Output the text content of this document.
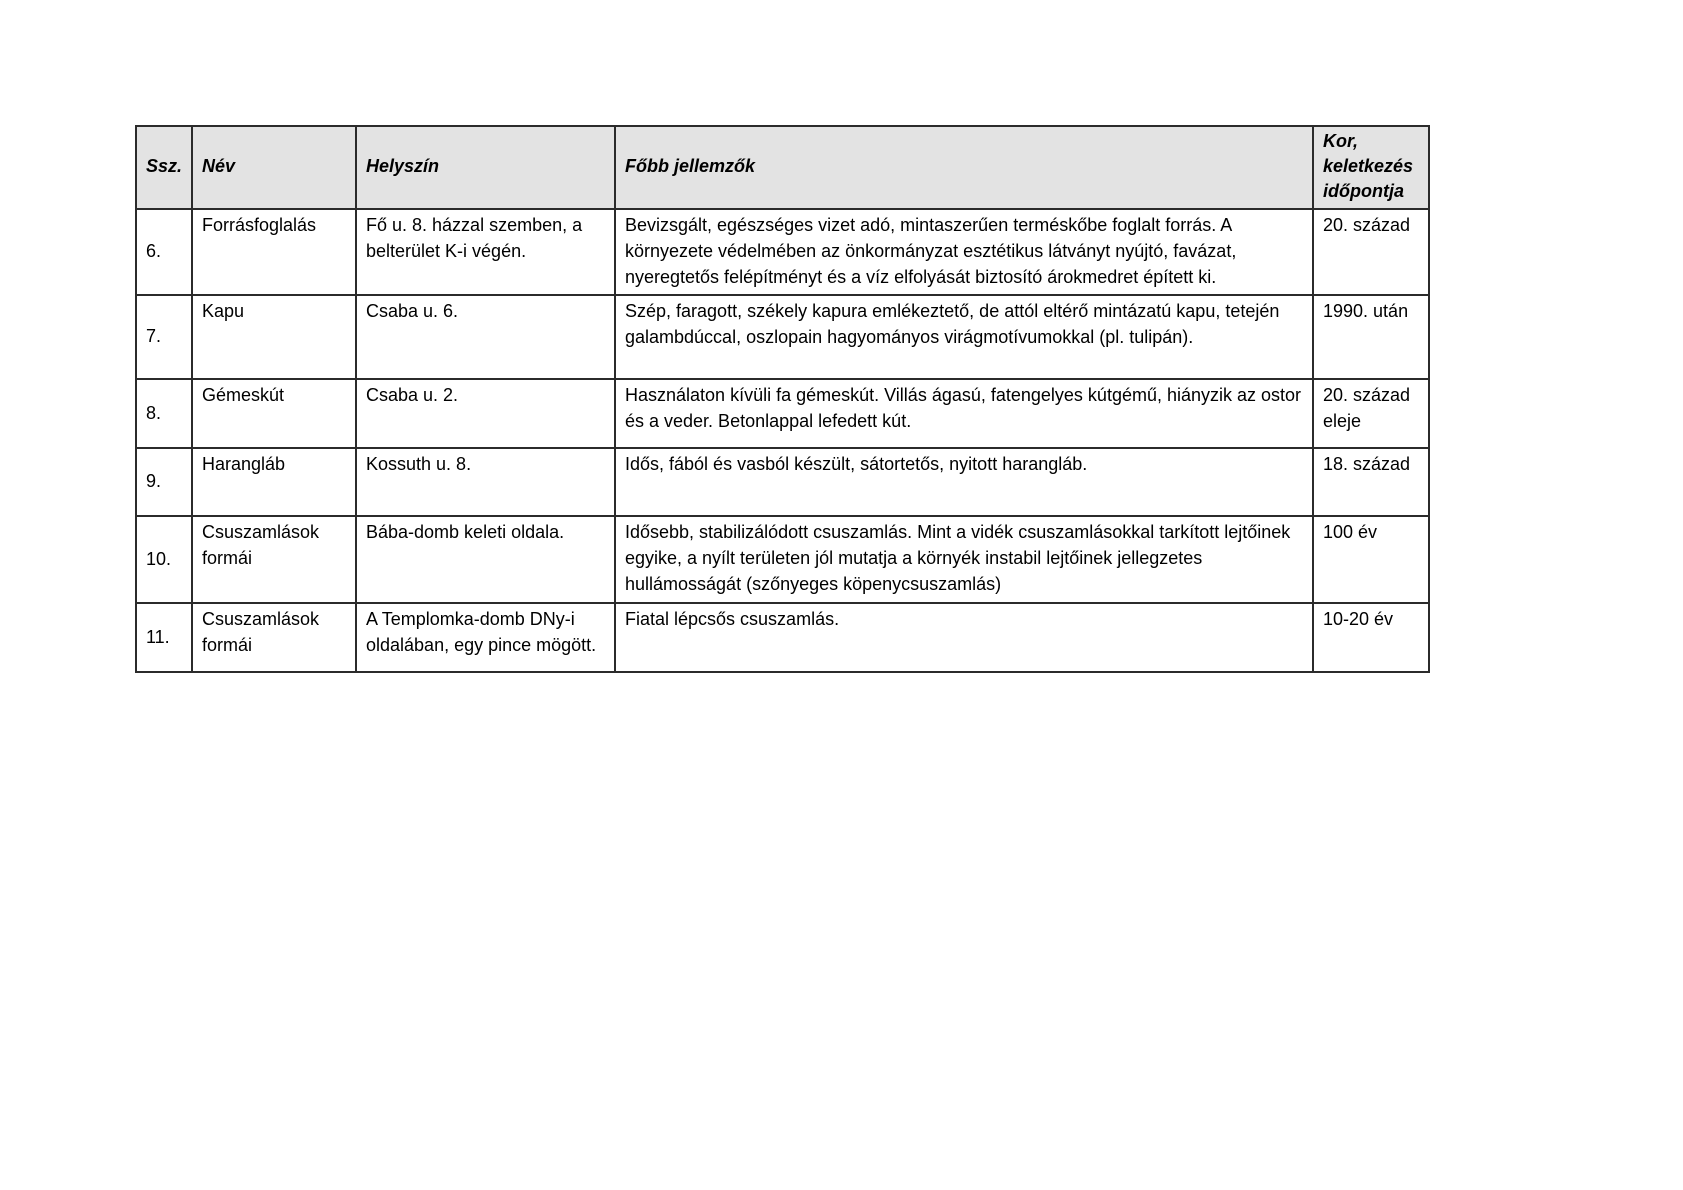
Ssz.	Név	Helyszín	Főbb jellemzők	Kor, keletkezés időpontja
6.	Forrásfoglalás	Fő u. 8. házzal szemben, a belterület K-i végén.	Bevizsgált, egészséges vizet adó, mintaszerűen terméskőbe foglalt forrás. A környezete védelmében az önkormányzat esztétikus látványt nyújtó, favázat, nyeregtetős felépítményt és a víz elfolyását biztosító árokmedret épített ki.	20. század
7.	Kapu	Csaba u. 6.	Szép, faragott, székely kapura emlékeztető, de attól eltérő mintázatú kapu, tetején galambdúccal, oszlopain hagyományos virágmotívumokkal (pl. tulipán).	1990. után
8.	Gémeskút	Csaba u. 2.	Használaton kívüli fa gémeskút. Villás ágasú, fatengelyes kútgémű, hiányzik az ostor és a veder. Betonlappal lefedett kút.	20. század eleje
9.	Harangláb	Kossuth u. 8.	Idős, fából és vasból készült, sátortetős, nyitott harangláb.	18. század
10.	Csuszamlások formái	Bába-domb keleti oldala.	Idősebb, stabilizálódott csuszamlás. Mint a vidék csuszamlásokkal tarkított lejtőinek egyike, a nyílt területen jól mutatja a környék instabil lejtőinek jellegzetes hullámosságát (szőnyeges köpenycsuszamlás)	100 év
11.	Csuszamlások formái	A Templomka-domb DNy-i oldalában, egy pince mögött.	Fiatal lépcsős csuszamlás.	10-20 év
